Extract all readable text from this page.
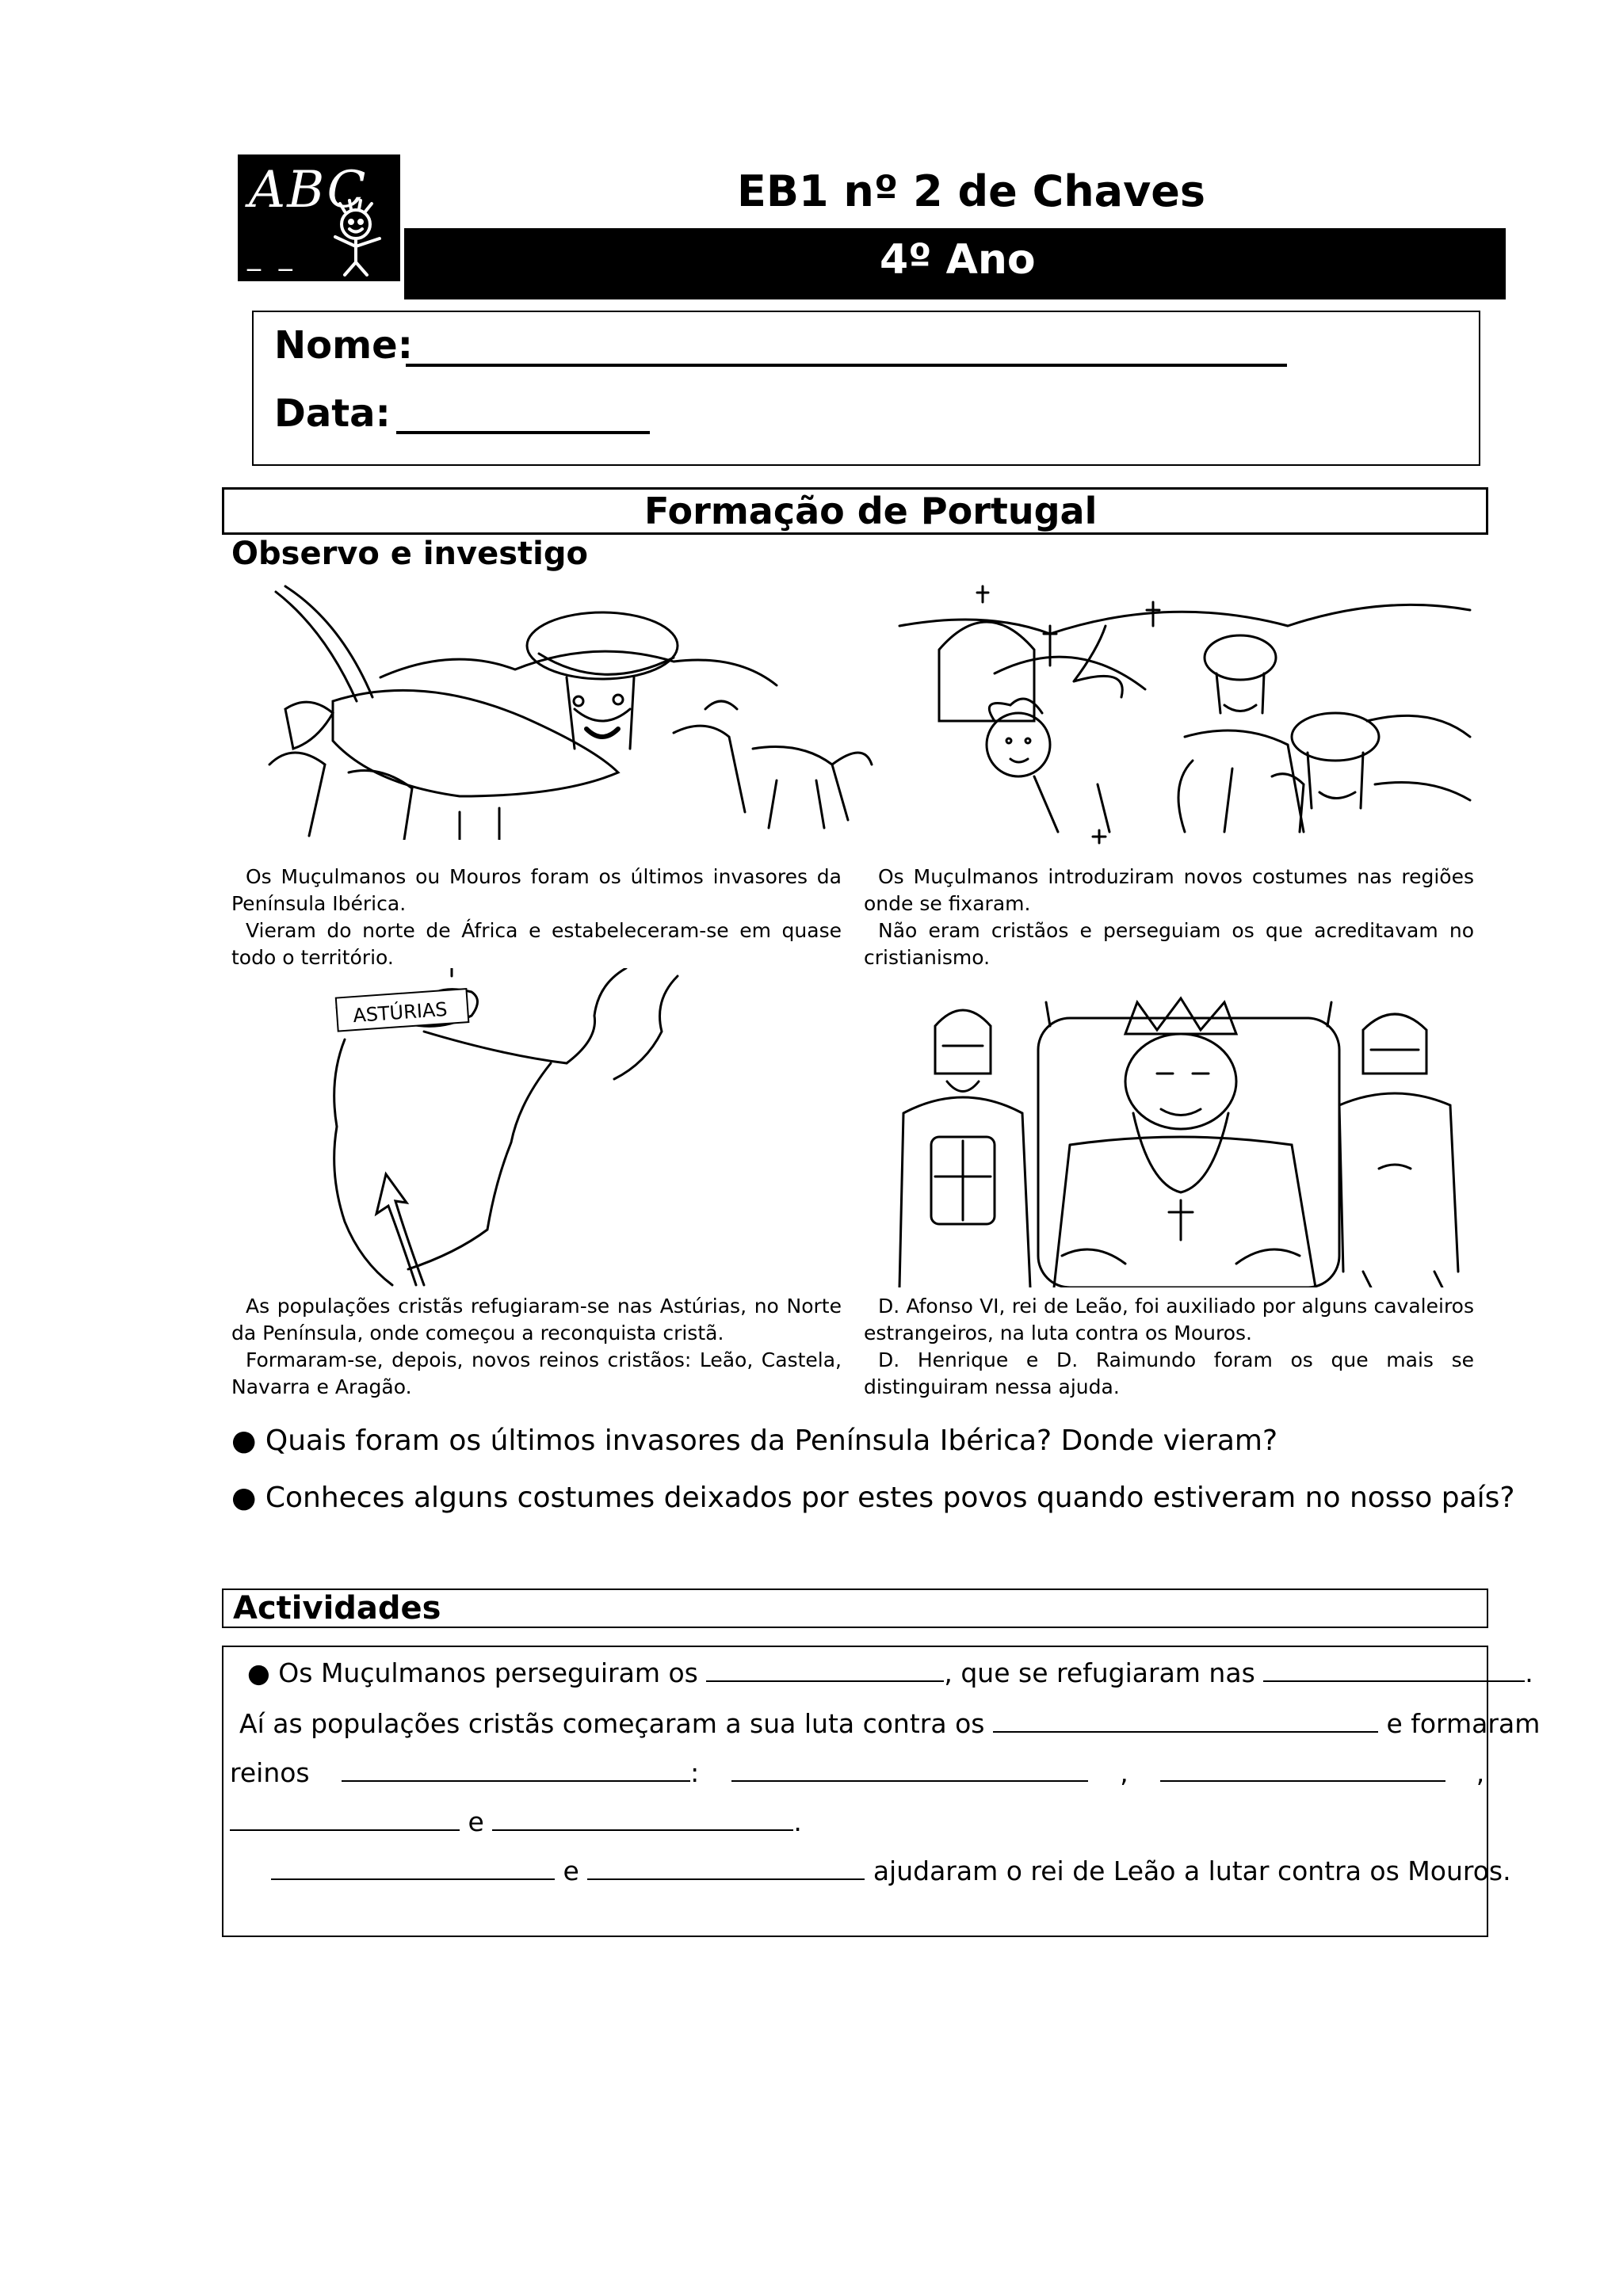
ABC
_ _
EB1 nº 2 de Chaves
4º Ano
Nome:
Data:
Formação de Portugal
Observo e investigo

Os Muçulmanos ou Mouros foram os últimos invasores da Península Ibérica.

Vieram do norte de África e estabeleceram-se em quase todo o território.

Os Muçulmanos introduziram novos costumes nas regiões onde se fixaram.

Não eram cristãos e perseguiam os que acreditavam no cristianismo.

ASTÚRIAS

As populações cristãs refugiaram-se nas Astúrias, no Norte da Península, onde começou a reconquista cristã.

Formaram-se, depois, novos reinos cristãos: Leão, Castela, Navarra e Aragão.

D. Afonso VI, rei de Leão, foi auxiliado por alguns cavaleiros estrangeiros, na luta contra os Mouros.

D. Henrique e D. Raimundo foram os que mais se distinguiram nessa ajuda.

● Quais foram os últimos invasores da Península Ibérica? Donde vieram?
● Conheces alguns costumes deixados por estes povos quando estiveram no nosso país?
Actividades
● Os Muçulmanos perseguiram os	, que se refugiaram nas	.
Aí as populações cristãs começaram a sua luta contra os	e formaram
reinos	:	,	,
e	.
e	ajudaram o rei de Leão a lutar contra os Mouros.
